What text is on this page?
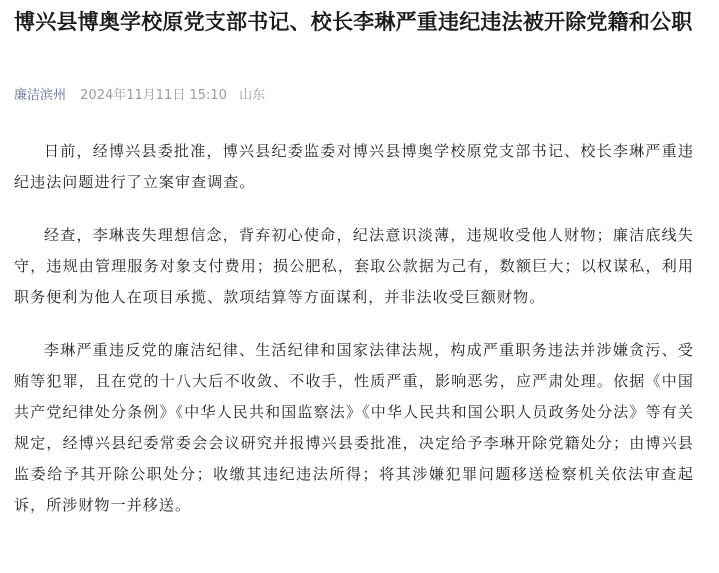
博兴县博奥学校原党支部书记、校长李琳严重违纪违法被开除党籍和公职
廉洁滨州 2024年11月11日 15:10 山东

日前，经博兴县委批准，博兴县纪委监委对博兴县博奥学校原党支部书记、校长李琳严重违纪违法问题进行了立案审查调查。

经查，李琳丧失理想信念，背弃初心使命，纪法意识淡薄，违规收受他人财物；廉洁底线失守，违规由管理服务对象支付费用；损公肥私，套取公款据为己有，数额巨大；以权谋私，利用职务便利为他人在项目承揽、款项结算等方面谋利，并非法收受巨额财物。

李琳严重违反党的廉洁纪律、生活纪律和国家法律法规，构成严重职务违法并涉嫌贪污、受贿等犯罪，且在党的十八大后不收敛、不收手，性质严重，影响恶劣，应严肃处理。依据《中国共产党纪律处分条例》《中华人民共和国监察法》《中华人民共和国公职人员政务处分法》等有关规定，经博兴县纪委常委会会议研究并报博兴县委批准，决定给予李琳开除党籍处分；由博兴县监委给予其开除公职处分；收缴其违纪违法所得；将其涉嫌犯罪问题移送检察机关依法审查起诉，所涉财物一并移送。
